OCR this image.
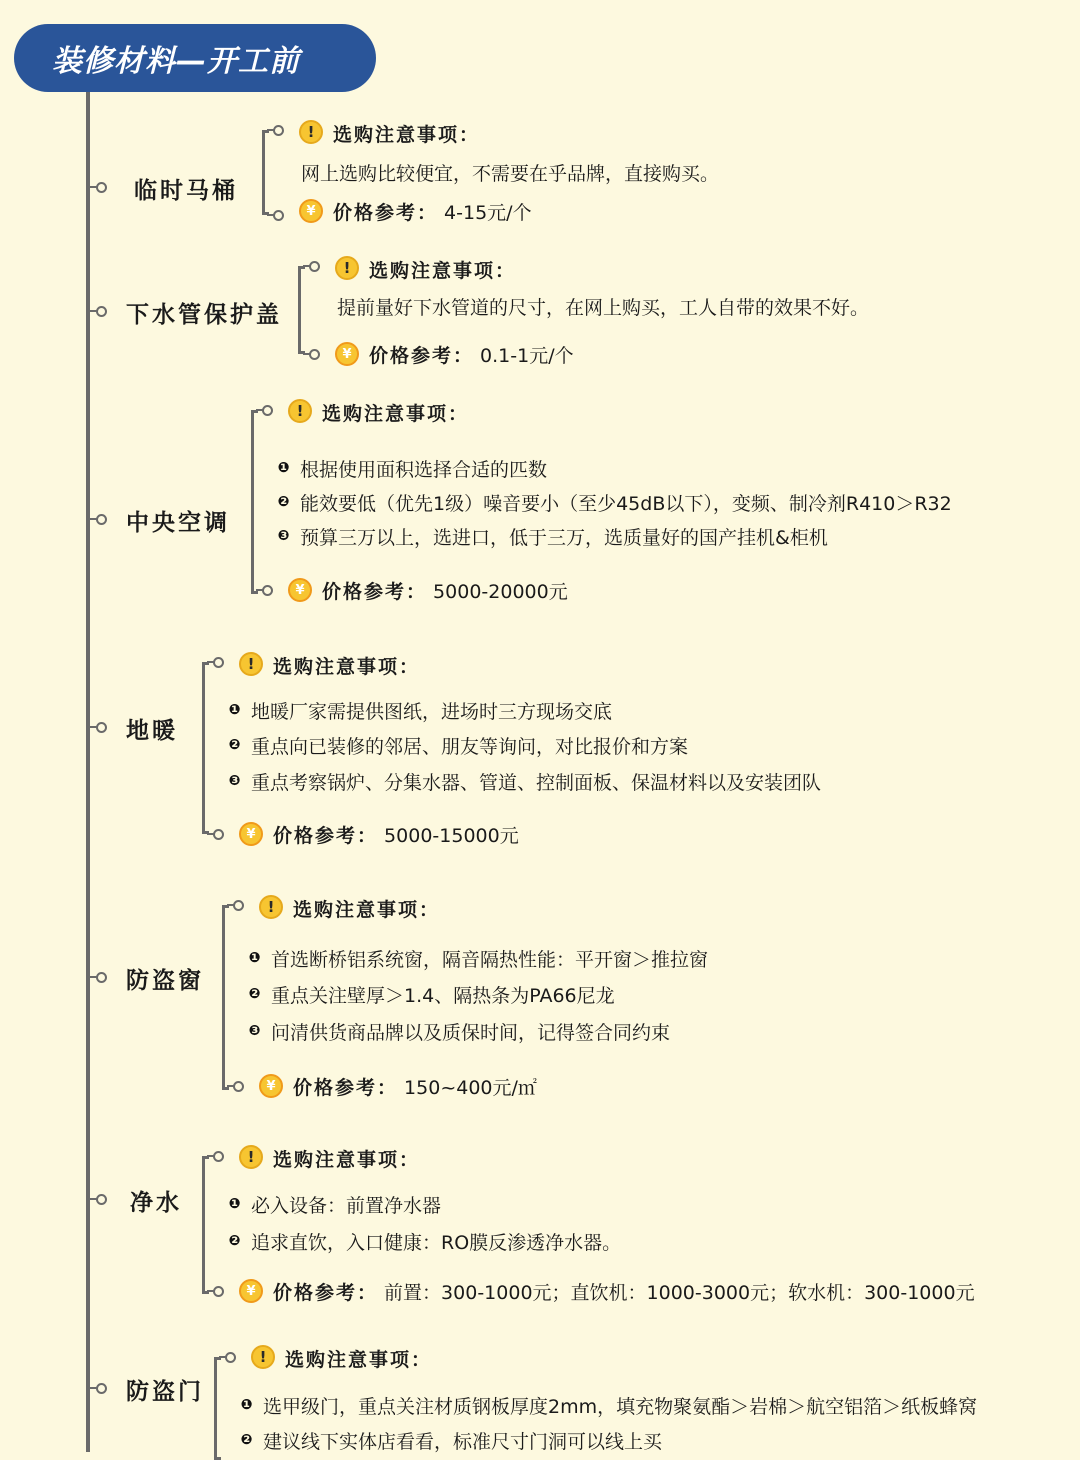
装修材料—开工前
临时马桶
! 选购注意事项：
网上选购比较便宜，不需要在乎品牌，直接购买。
¥ 价格参考： 4-15元/个
下水管保护盖
! 选购注意事项：
提前量好下水管道的尺寸，在网上购买，工人自带的效果不好。
¥ 价格参考： 0.1-1元/个
中央空调
! 选购注意事项：
❶ 根据使用面积选择合适的匹数
❷ 能效要低（优先1级）噪音要小（至少45dB以下），变频、制冷剂R410＞R32
❸ 预算三万以上，选进口，低于三万，选质量好的国产挂机&柜机
¥ 价格参考： 5000-20000元
地暖
! 选购注意事项：
❶ 地暖厂家需提供图纸，进场时三方现场交底
❷ 重点向已装修的邻居、朋友等询问，对比报价和方案
❸ 重点考察锅炉、分集水器、管道、控制面板、保温材料以及安装团队
¥ 价格参考： 5000-15000元
防盗窗
! 选购注意事项：
❶ 首选断桥铝系统窗，隔音隔热性能：平开窗＞推拉窗
❷ 重点关注壁厚＞1.4、隔热条为PA66尼龙
❸ 问清供货商品牌以及质保时间，记得签合同约束
¥ 价格参考： 150~400元/㎡
净水
! 选购注意事项：
❶ 必入设备：前置净水器
❷ 追求直饮，入口健康：RO膜反渗透净水器。
¥ 价格参考： 前置：300-1000元；直饮机：1000-3000元；软水机：300-1000元
防盗门
! 选购注意事项：
❶ 选甲级门，重点关注材质钢板厚度2mm，填充物聚氨酯＞岩棉＞航空铝箔＞纸板蜂窝
❷ 建议线下实体店看看，标准尺寸门洞可以线上买
